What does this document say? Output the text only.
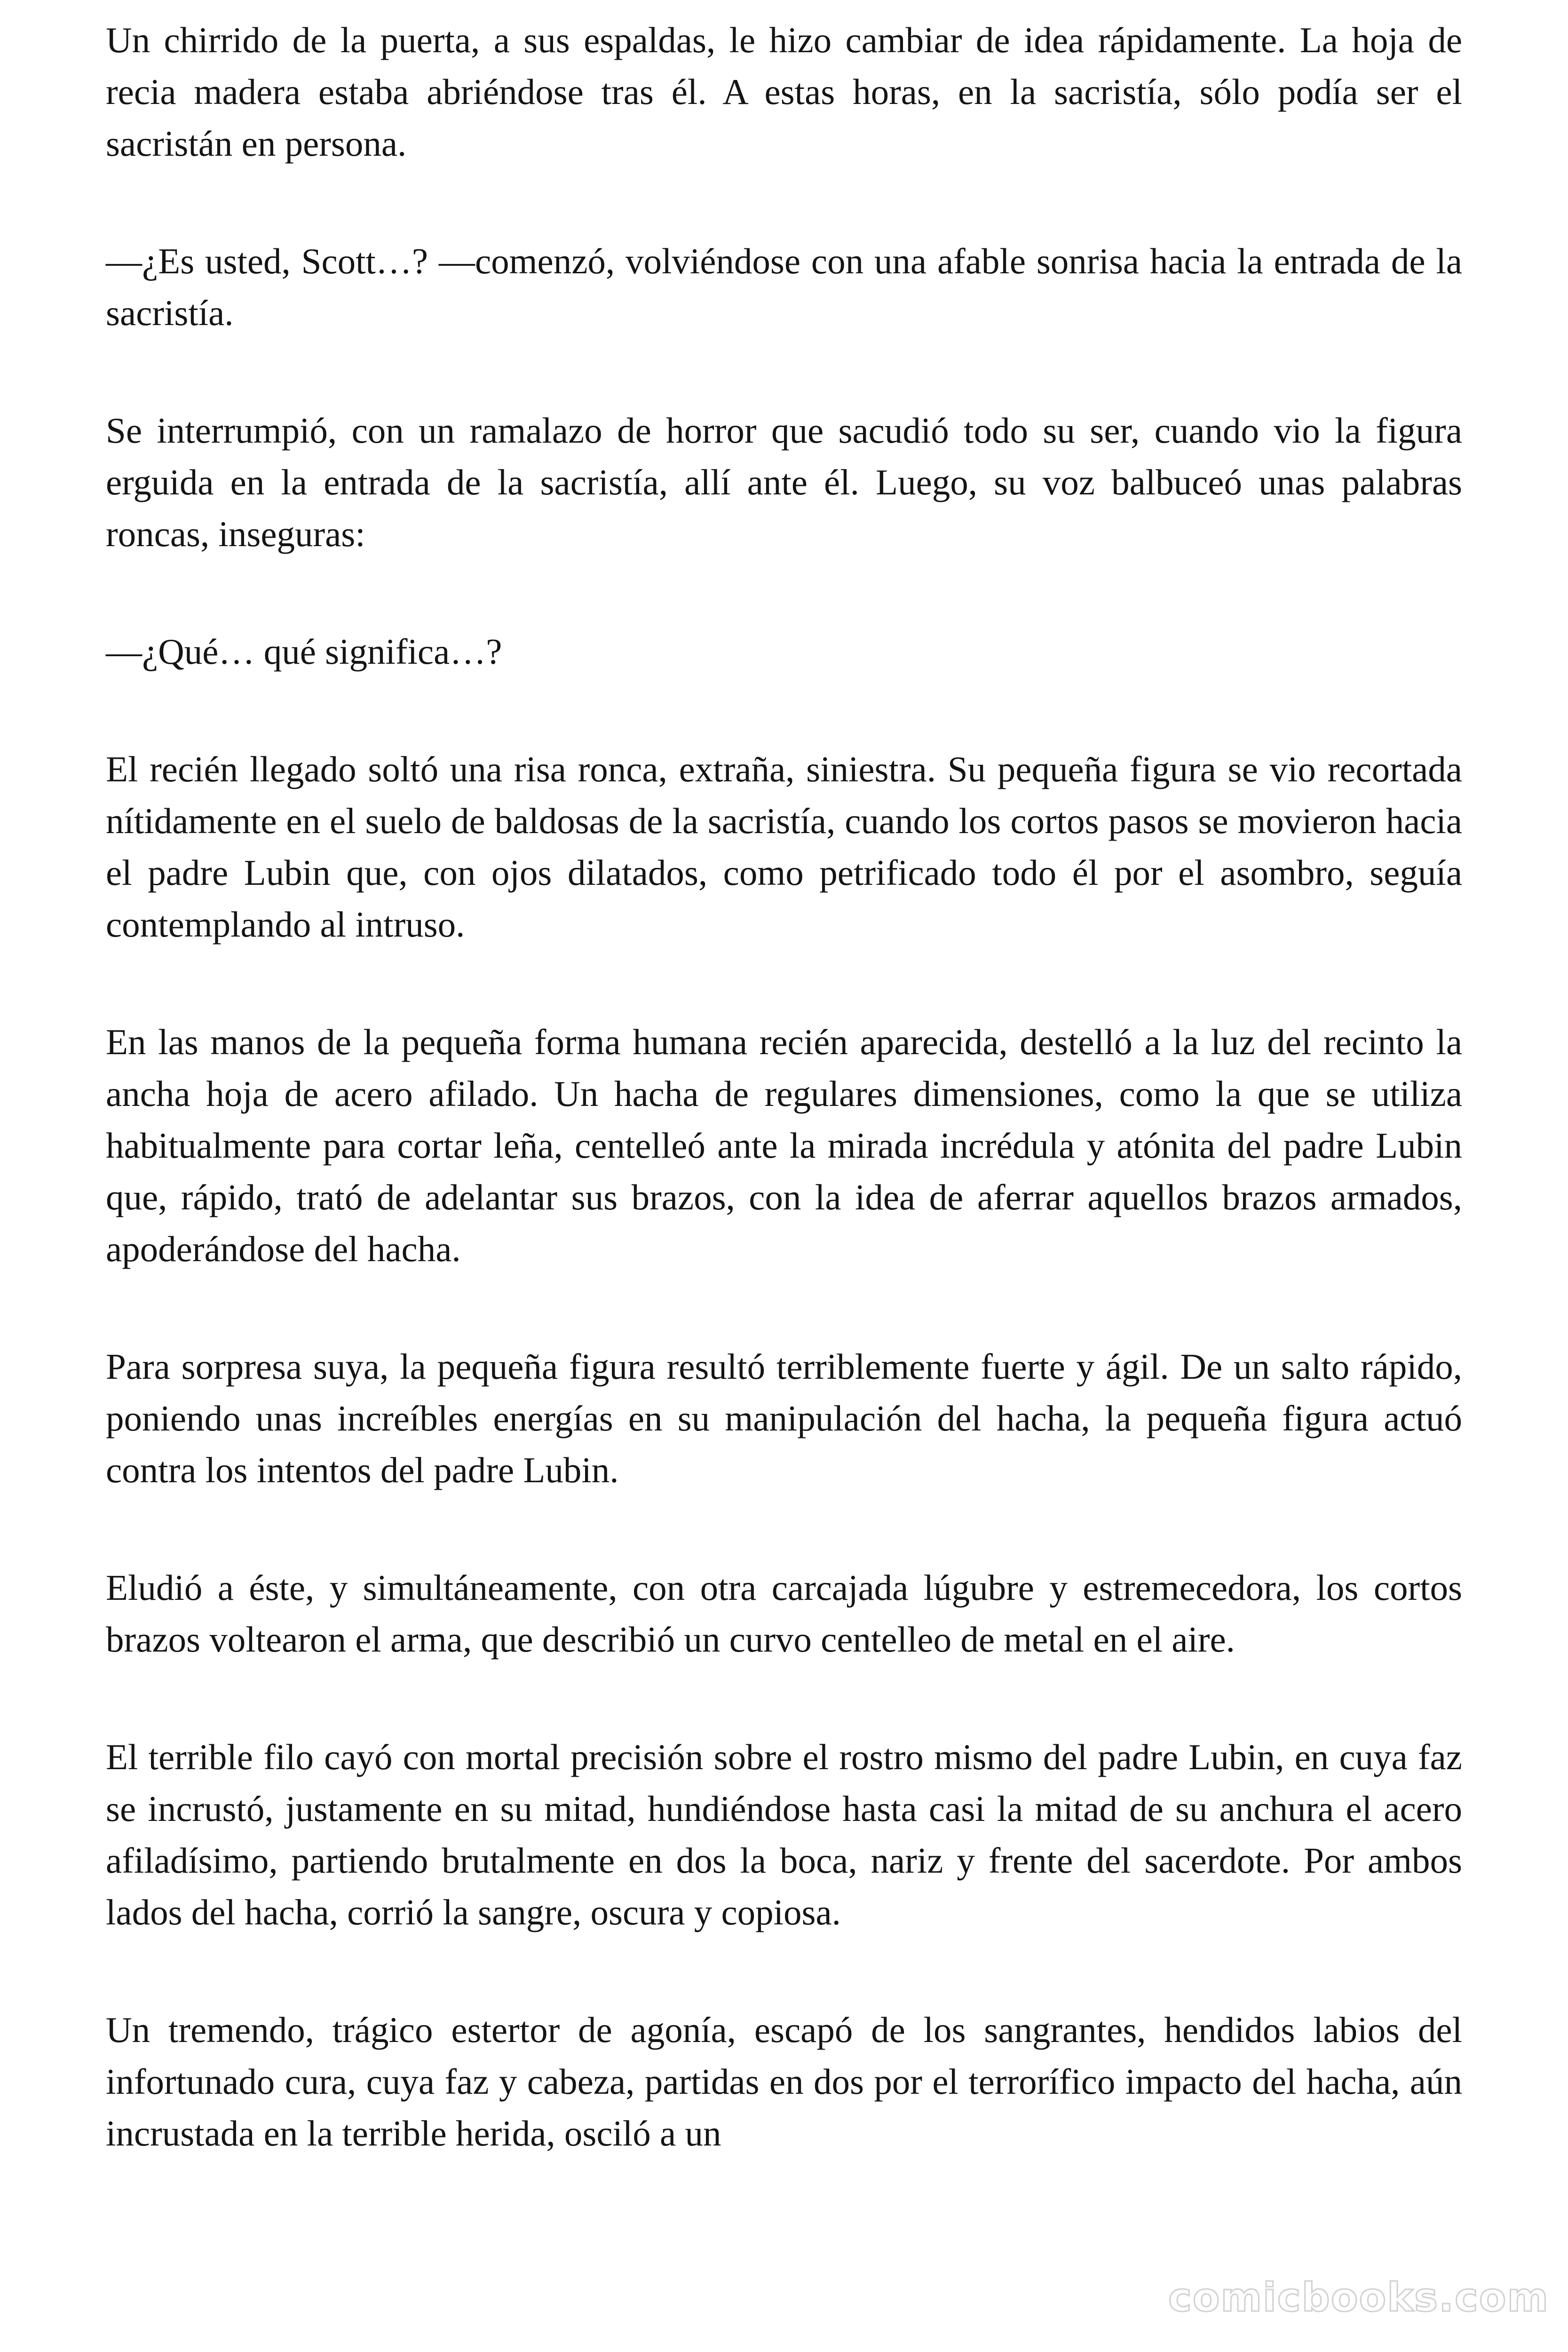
Un chirrido de la puerta, a sus espaldas, le hizo cambiar de idea rápidamente. La hoja de recia madera estaba abriéndose tras él. A estas horas, en la sacristía, sólo podía ser el sacristán en persona.

—¿Es usted, Scott…? —comenzó, volviéndose con una afable sonrisa hacia la entrada de la sacristía.

Se interrumpió, con un ramalazo de horror que sacudió todo su ser, cuando vio la figura erguida en la entrada de la sacristía, allí ante él. Luego, su voz balbuceó unas palabras roncas, inseguras:

—¿Qué… qué significa…?

El recién llegado soltó una risa ronca, extraña, siniestra. Su pequeña figura se vio recortada nítidamente en el suelo de baldosas de la sacristía, cuando los cortos pasos se movieron hacia el padre Lubin que, con ojos dilatados, como petrificado todo él por el asombro, seguía contemplando al intruso.

En las manos de la pequeña forma humana recién aparecida, destelló a la luz del recinto la ancha hoja de acero afilado. Un hacha de regulares dimensiones, como la que se utiliza habitualmente para cortar leña, centelleó ante la mirada incrédula y atónita del padre Lubin que, rápido, trató de adelantar sus brazos, con la idea de aferrar aquellos brazos armados, apoderándose del hacha.

Para sorpresa suya, la pequeña figura resultó terriblemente fuerte y ágil. De un salto rápido, poniendo unas increíbles energías en su manipulación del hacha, la pequeña figura actuó contra los intentos del padre Lubin.

Eludió a éste, y simultáneamente, con otra carcajada lúgubre y estremecedora, los cortos brazos voltearon el arma, que describió un curvo centelleo de metal en el aire.

El terrible filo cayó con mortal precisión sobre el rostro mismo del padre Lubin, en cuya faz se incrustó, justamente en su mitad, hundiéndose hasta casi la mitad de su anchura el acero afiladísimo, partiendo brutalmente en dos la boca, nariz y frente del sacerdote. Por ambos lados del hacha, corrió la sangre, oscura y copiosa.

Un tremendo, trágico estertor de agonía, escapó de los sangrantes, hendidos labios del infortunado cura, cuya faz y cabeza, partidas en dos por el terrorífico impacto del hacha, aún incrustada en la terrible herida, osciló a un

comicbooks.com
